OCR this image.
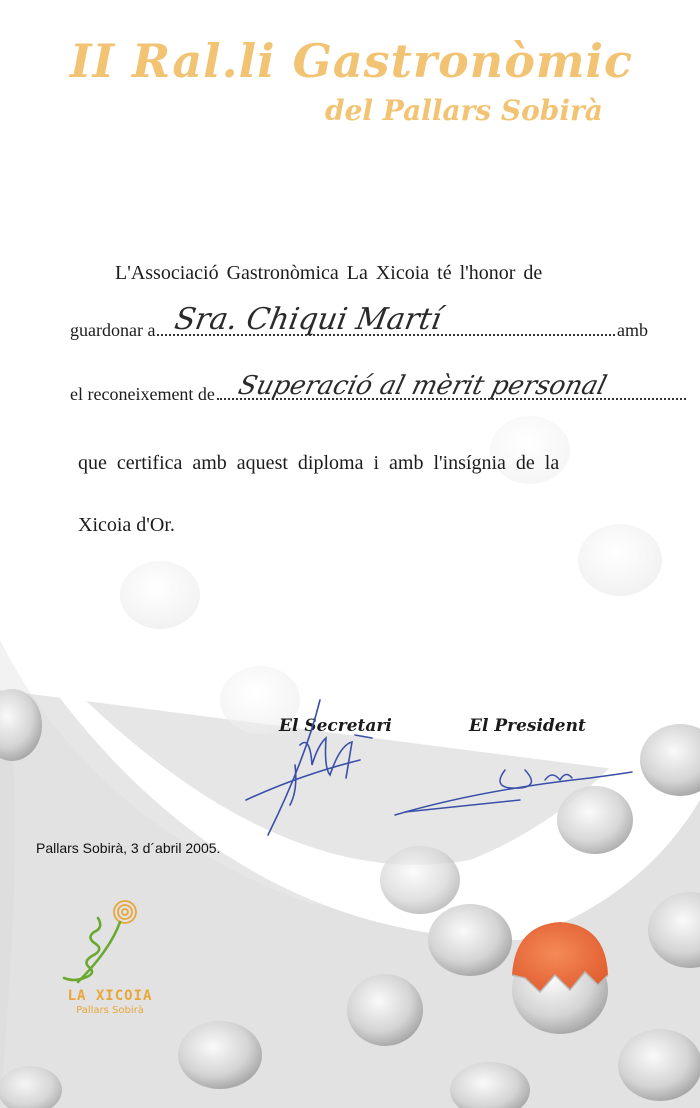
II Ral.li Gastronòmic
del Pallars Sobirà
L'Associació Gastronòmica La Xicoia té l'honor de
guardonar a Sra. Chiqui Martí	amb
el reconeixement de Superació al mèrit personal
que certifica amb aquest diploma i amb l'insígnia de la
Xicoia d'Or.
El Secretari	El President
Pallars Sobirà, 3 d´abril 2005.
LA XICOIA
Pallars Sobirà
